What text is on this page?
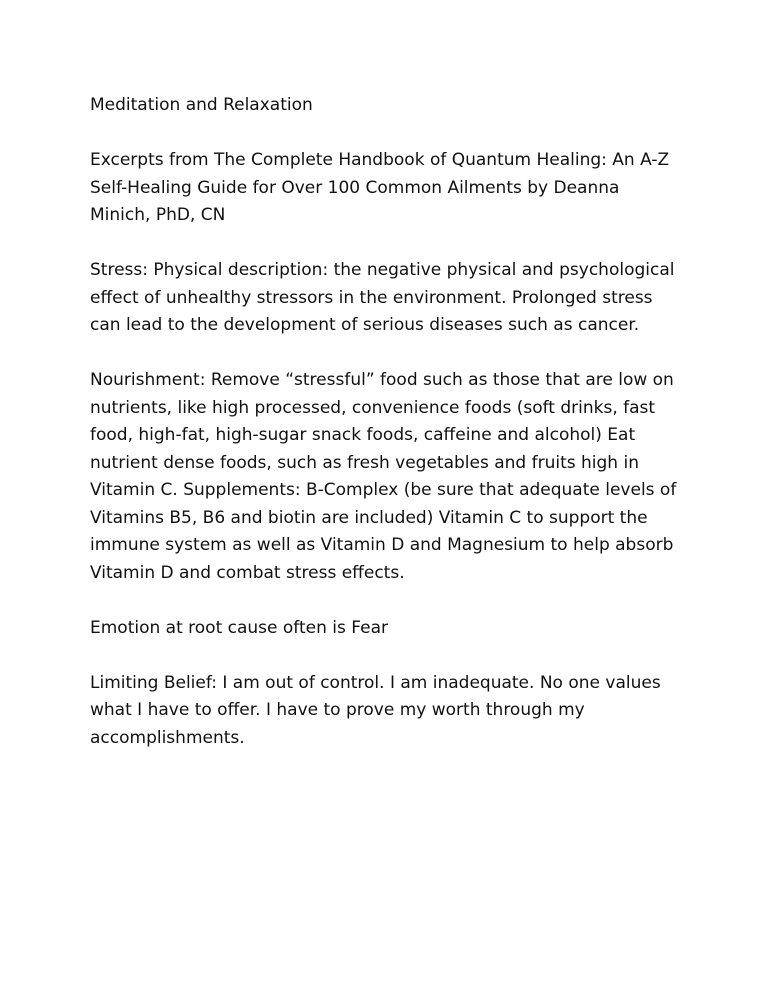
Meditation and Relaxation

Excerpts from The Complete Handbook of Quantum Healing: An A-Z Self-Healing Guide for Over 100 Common Ailments by Deanna Minich, PhD, CN

Stress: Physical description: the negative physical and psychological effect of unhealthy stressors in the environment. Prolonged stress can lead to the development of serious diseases such as cancer.

Nourishment: Remove “stressful” food such as those that are low on nutrients, like high processed, convenience foods (soft drinks, fast food, high-fat, high-sugar snack foods, caffeine and alcohol) Eat nutrient dense foods, such as fresh vegetables and fruits high in Vitamin C. Supplements: B-Complex (be sure that adequate levels of Vitamins B5, B6 and biotin are included) Vitamin C to support the immune system as well as Vitamin D and Magnesium to help absorb Vitamin D and combat stress effects.

Emotion at root cause often is Fear

Limiting Belief: I am out of control. I am inadequate. No one values what I have to offer. I have to prove my worth through my accomplishments.
